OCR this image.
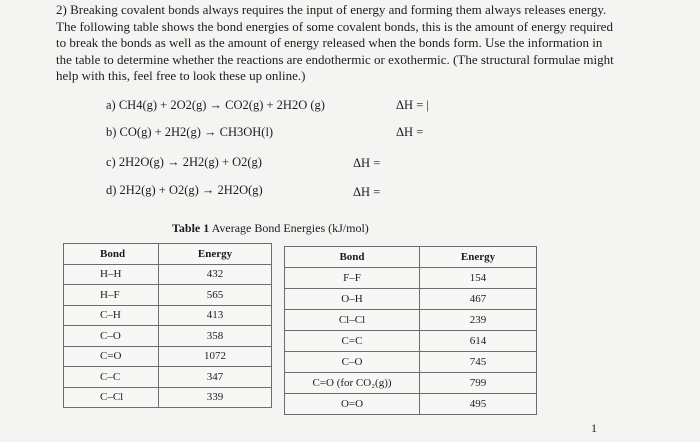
2) Breaking covalent bonds always requires the input of energy and forming them always releases energy. The following table shows the bond energies of some covalent bonds, this is the amount of energy required to break the bonds as well as the amount of energy released when the bonds form. Use the information in the table to determine whether the reactions are endothermic or exothermic. (The structural formulae might help with this, feel free to look these up online.)

a) CH4(g) + 2O2(g) → CO2(g) + 2H2O (g)	ΔH = |

b) CO(g) + 2H2(g) → CH3OH(l)	ΔH =

c) 2H2O(g) → 2H2(g) + O2(g)	ΔH =

d) 2H2(g) + O2(g) → 2H2O(g)	ΔH =
Table 1 Average Bond Energies (kJ/mol)
Bond	Energy
H–H	432
H–F	565
C–H	413
C–O	358
C=O	1072
C–C	347
C–Cl	339
Bond	Energy
F–F	154
O–H	467
Cl–Cl	239
C=C	614
C–O	745
C=O (for CO₂(g))	799
O=O	495
1
